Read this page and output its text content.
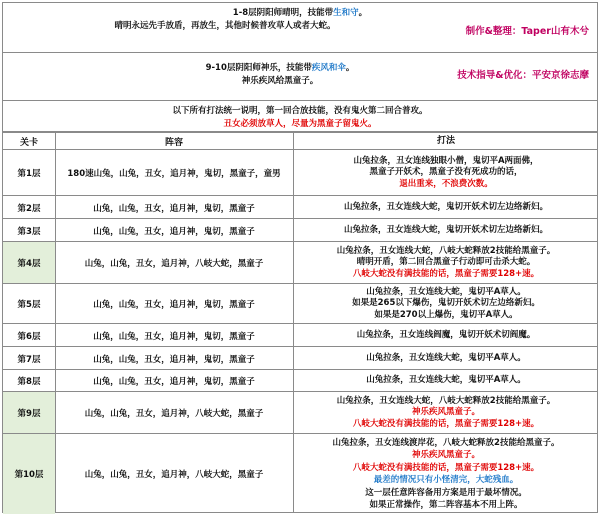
1-8层阴阳师晴明，技能带生和守。
晴明永远先手放盾，再放生，其他时候普攻草人或者大蛇。	制作&整理：Taper山有木兮
9-10层阴阳师神乐，技能带疾风和伞。
神乐疾风给黑童子。	技术指导&优化：平安京徐志摩
以下所有打法统一说明，第一回合放技能，没有鬼火第二回合普攻。
丑女必须放草人，尽量为黑童子留鬼火。
关卡	阵容	打法
第1层	180速山兔，山兔，丑女，追月神，鬼切，黑童子，童男
山兔拉条，丑女连线独眼小僧，鬼切平A两面佛，
黑童子开妖术，黑童子没有死成功的话，
退出重来，不浪费次数。
第2层	山兔，山兔，丑女，追月神，鬼切，黑童子	山兔拉条，丑女连线大蛇，鬼切开妖术切左边络新妇。
第3层	山兔，山兔，丑女，追月神，鬼切，黑童子	山兔拉条，丑女连线大蛇，鬼切开妖术切左边络新妇。
第4层	山兔，山兔，丑女，追月神，八岐大蛇，黑童子
山兔拉条，丑女连线大蛇，八岐大蛇释放2技能给黑童子。
晴明开盾，第二回合黑童子行动即可击杀大蛇。
八岐大蛇没有满技能的话，黑童子需要128+速。
第5层	山兔，山兔，丑女，追月神，鬼切，黑童子
山兔拉条，丑女连线大蛇，鬼切平A草人。
如果是265以下爆伤，鬼切开妖术切左边络新妇。
如果是270以上爆伤，鬼切平A草人。
第6层	山兔，山兔，丑女，追月神，鬼切，黑童子	山兔拉条，丑女连线阎魔，鬼切开妖术切阎魔。
第7层	山兔，山兔，丑女，追月神，鬼切，黑童子	山兔拉条，丑女连线大蛇，鬼切平A草人。
第8层	山兔，山兔，丑女，追月神，鬼切，黑童子	山兔拉条，丑女连线大蛇，鬼切平A草人。
第9层	山兔，山兔，丑女，追月神，八岐大蛇，黑童子
山兔拉条，丑女连线大蛇，八岐大蛇释放2技能给黑童子。
神乐疾风黑童子。
八岐大蛇没有满技能的话，黑童子需要128+速。
第10层	山兔，山兔，丑女，追月神，八岐大蛇，黑童子
山兔拉条，丑女连线渡岸花，八岐大蛇释放2技能给黑童子。
神乐疾风黑童子。
八岐大蛇没有满技能的话，黑童子需要128+速。
最差的情况只有小怪清完，大蛇残血。
这一层任意阵容备用方案是用于最坏情况。
如果正常操作，第二阵容基本不用上阵。
